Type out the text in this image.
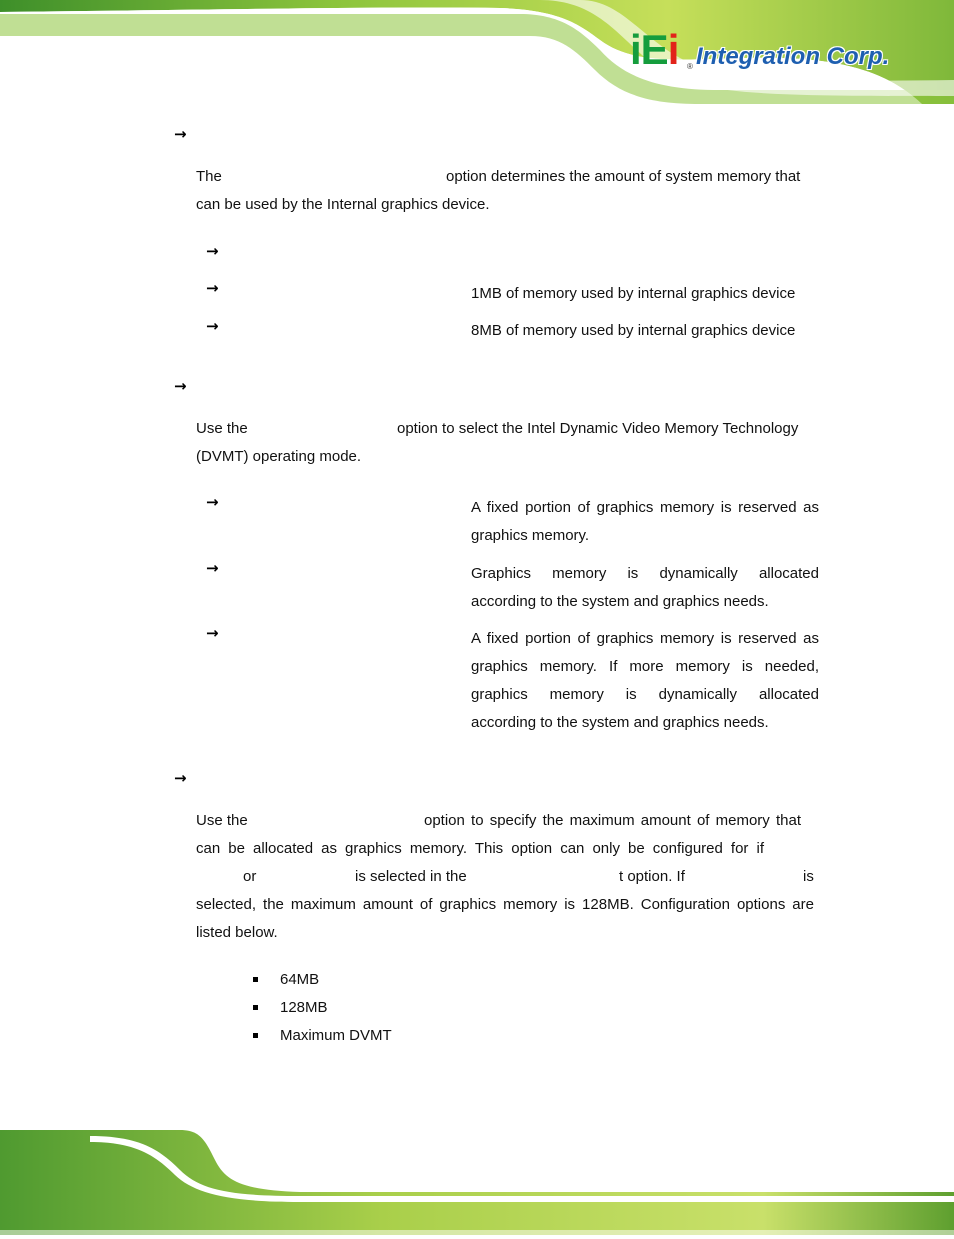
iEi ® Integration Corp.
→
The	option determines the amount of system memory that
can be used by the Internal graphics device.
→
→	1MB of memory used by internal graphics device
→	8MB of memory used by internal graphics device
→
Use the	option to select the Intel Dynamic Video Memory Technology
(DVMT) operating mode.
→	A fixed portion of graphics memory is reserved as
graphics memory.
→	Graphics memory is dynamically allocated
according to the system and graphics needs.
→	A fixed portion of graphics memory is reserved as
graphics memory. If more memory is needed,
graphics memory is dynamically allocated
according to the system and graphics needs.
→
Use the	option to specify the maximum amount of memory that
can be allocated as graphics memory. This option can only be configured for if
or	is selected in the	t option. If	is
selected, the maximum amount of graphics memory is 128MB. Configuration options are
listed below.
64MB
128MB
Maximum DVMT
